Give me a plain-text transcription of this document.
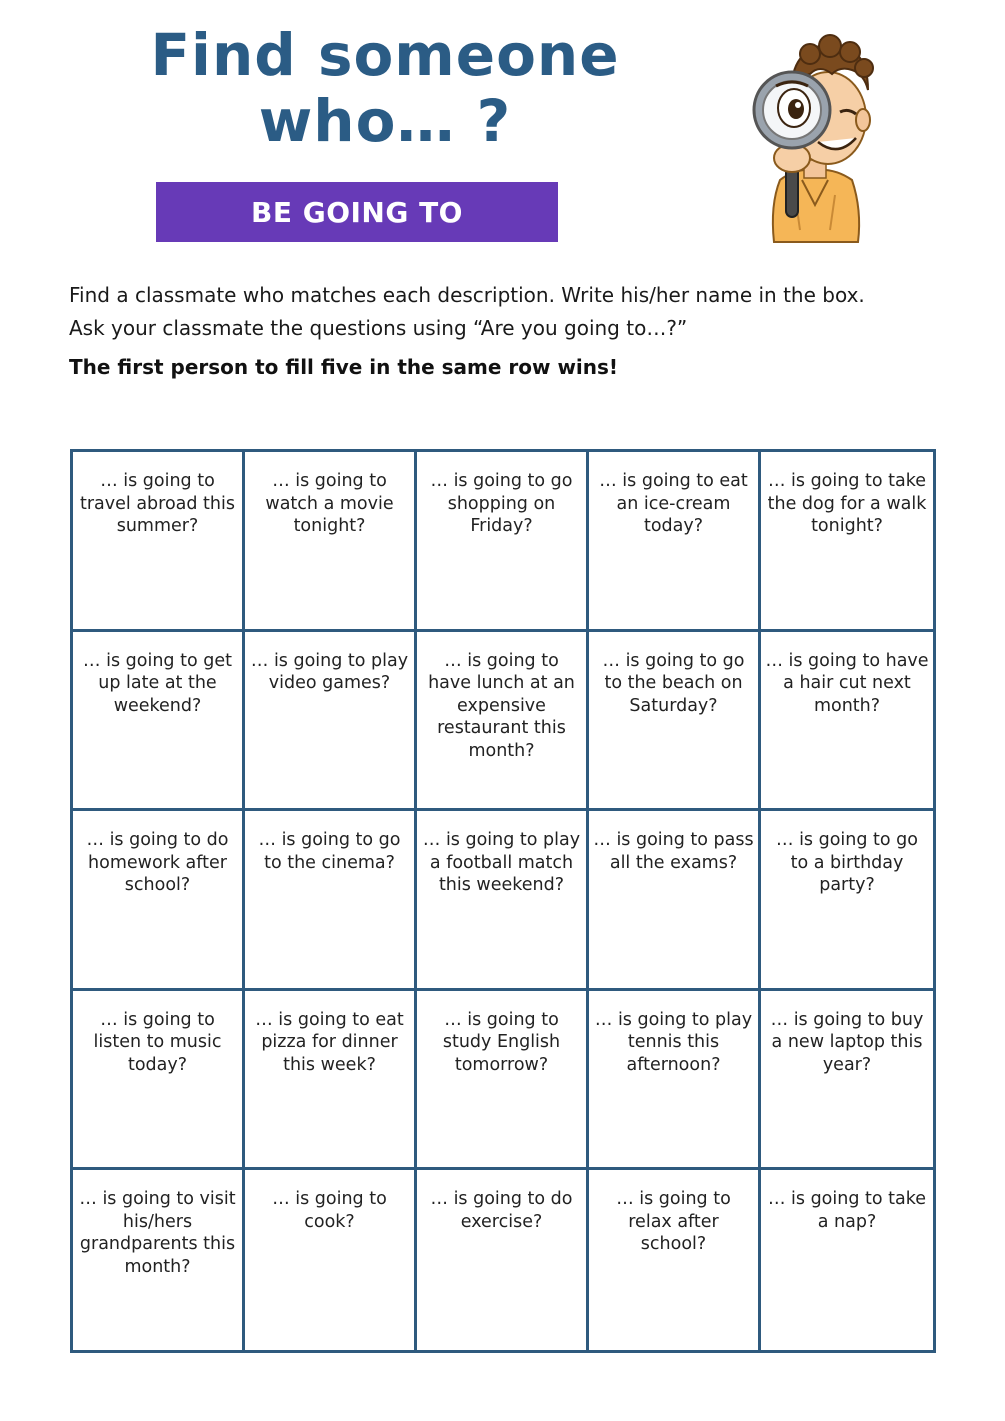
Find someone
who… ?
BE GOING TO

Find a classmate who matches each description. Write his/her name in the box.

Ask your classmate the questions using “Are you going to…?”

The first person to fill five in the same row wins!
… is going to travel abroad this summer?
… is going to watch a movie tonight?
… is going to go shopping on Friday?
… is going to eat an ice-cream today?
… is going to take the dog for a walk tonight?
… is going to get up late at the weekend?
… is going to play video games?
… is going to have lunch at an expensive restaurant this month?
… is going to go to the beach on Saturday?
… is going to have a hair cut next month?
… is going to do homework after school?
… is going to go to the cinema?
… is going to play a football match this weekend?
… is going to pass all the exams?
… is going to go to a birthday party?
… is going to listen to music today?
… is going to eat pizza for dinner this week?
… is going to study English tomorrow?
… is going to play tennis this afternoon?
… is going to buy a new laptop this year?
… is going to visit his/hers grandparents this month?
… is going to cook?
… is going to do exercise?
… is going to relax after school?
… is going to take a nap?
